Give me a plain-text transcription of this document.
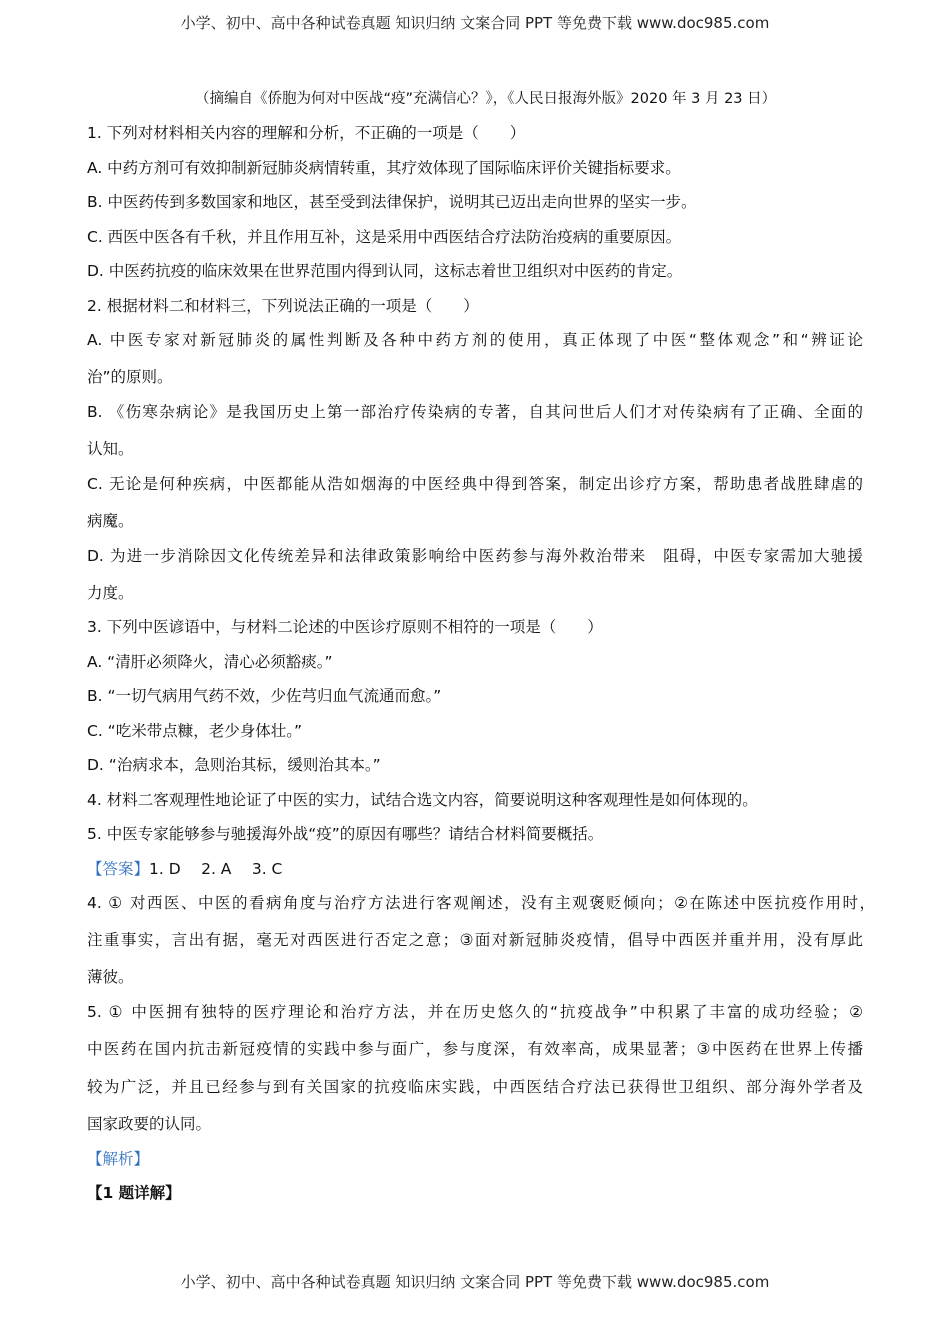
小学、初中、高中各种试卷真题 知识归纳 文案合同 PPT 等免费下载 www.doc985.com
（摘编自《侨胞为何对中医战“疫”充满信心？》，《人民日报海外版》2020 年 3 月 23 日）
1. 下列对材料相关内容的理解和分析，不正确的一项是（　　）
A. 中药方剂可有效抑制新冠肺炎病情转重，其疗效体现了国际临床评价关键指标要求。
B. 中医药传到多数国家和地区，甚至受到法律保护，说明其已迈出走向世界的坚实一步。
C. 西医中医各有千秋，并且作用互补，这是采用中西医结合疗法防治疫病的重要原因。
D. 中医药抗疫的临床效果在世界范围内得到认同，这标志着世卫组织对中医药的肯定。
2. 根据材料二和材料三，下列说法正确的一项是（　　）
A. 中医专家对新冠肺炎的属性判断及各种中药方剂的使用，真正体现了中医“整体观念”和“辨证论
治”的原则。
B. 《伤寒杂病论》是我国历史上第一部治疗传染病的专著，自其问世后人们才对传染病有了正确、全面的
认知。
C. 无论是何种疾病，中医都能从浩如烟海的中医经典中得到答案，制定出诊疗方案，帮助患者战胜肆虐的
病魔。
D. 为进一步消除因文化传统差异和法律政策影响给中医药参与海外救治带来　阻碍，中医专家需加大驰援
力度。
3. 下列中医谚语中，与材料二论述的中医诊疗原则不相符的一项是（　　）
A. “清肝必须降火，清心必须豁痰。”
B. “一切气病用气药不效，少佐芎归血气流通而愈。”
C. “吃米带点糠，老少身体壮。”
D. “治病求本，急则治其标，缓则治其本。”
4. 材料二客观理性地论证了中医的实力，试结合选文内容，简要说明这种客观理性是如何体现的。
5. 中医专家能够参与驰援海外战“疫”的原因有哪些？请结合材料简要概括。
【答案】1. D　 2. A　 3. C
4. ① 对西医、中医的看病角度与治疗方法进行客观阐述，没有主观褒贬倾向；②在陈述中医抗疫作用时，
注重事实，言出有据，毫无对西医进行否定之意；③面对新冠肺炎疫情，倡导中西医并重并用，没有厚此
薄彼。
5. ① 中医拥有独特的医疗理论和治疗方法，并在历史悠久的“抗疫战争”中积累了丰富的成功经验；②
中医药在国内抗击新冠疫情的实践中参与面广，参与度深，有效率高，成果显著；③中医药在世界上传播
较为广泛，并且已经参与到有关国家的抗疫临床实践，中西医结合疗法已获得世卫组织、部分海外学者及
国家政要的认同。
【解析】
【1 题详解】
小学、初中、高中各种试卷真题 知识归纳 文案合同 PPT 等免费下载 www.doc985.com
